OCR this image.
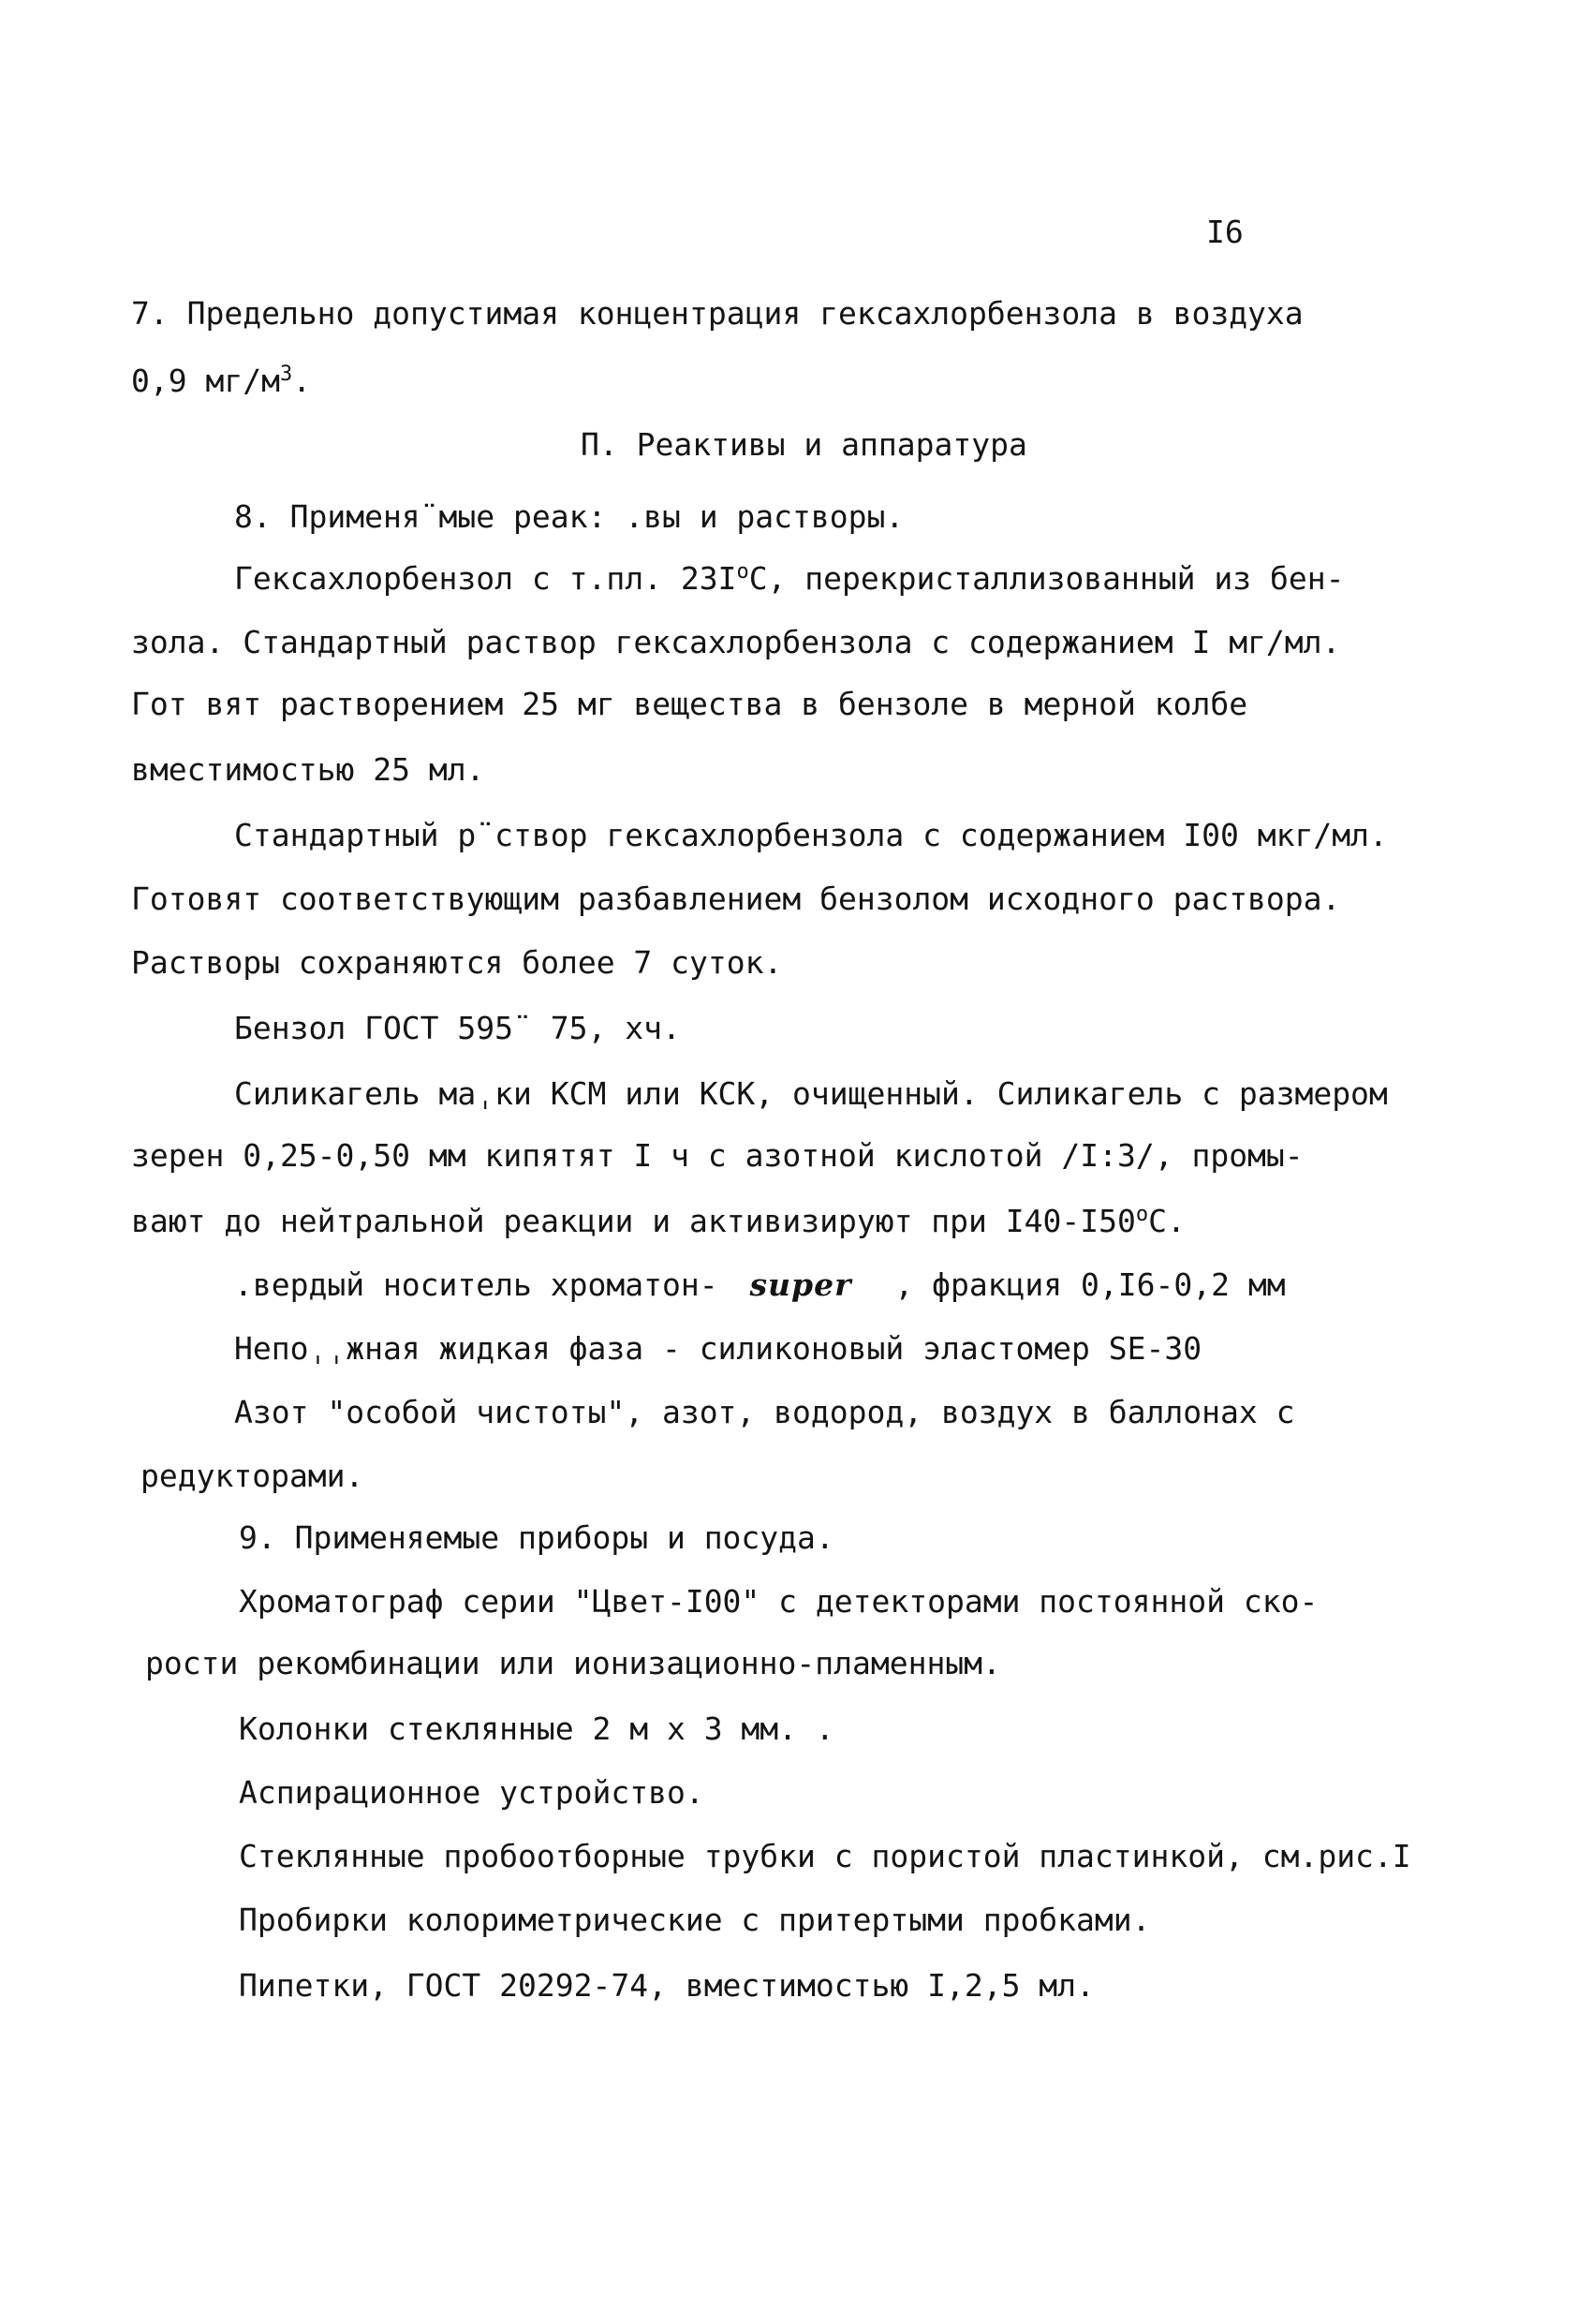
I6
7. Предельно допустимая концентрация гексахлорбензола в воздуха
0,9 $мг/м^3$.
П. Реактивы и аппаратура
8. Применя¨мые реак: .вы и растворы.
Гексахлорбензол с т.пл. $23I^оС$, перекристаллизованный из бен-
зола. Стандартный раствор гексахлорбензола с содержанием I мг/мл.
Гот вят растворением 25 мг вещества в бензоле в мерной колбе
вместимостью 25 мл.
Стандартный р¨створ гексахлорбензола с содержанием I00 мкг/мл.
Готовят соответствующим разбавлением бензолом исходного раствора.
Растворы сохраняются более 7 суток.
Бензол ГОСТ 595¨ 75, хч.
Силикагель маˌки КСМ или КСК, очищенный. Силикагель с размером
зерен 0,25-0,50 мм кипятят I ч с азотной кислотой /I:3/, промы-
вают до нейтральной реакции и активизируют при $I40-I50^оС$.
.вердый носитель хроматон- super , фракция 0,I6-0,2 мм
Непоˌˌжная жидкая фаза - силиконовый эластомер SE-30
Азот "особой чистоты", азот, водород, воздух в баллонах с
редукторами.
9. Применяемые приборы и посуда.
Хроматограф серии "Цвет-I00" с детекторами постоянной ско-
рости рекомбинации или ионизационно-пламенным.
Колонки стеклянные 2 м х 3 мм. .
Аспирационное устройство.
Стеклянные пробоотборные трубки с пористой пластинкой, см.рис.I
Пробирки колориметрические с притертыми пробками.
Пипетки, ГОСТ 20292-74, вместимостью I,2,5 мл.
